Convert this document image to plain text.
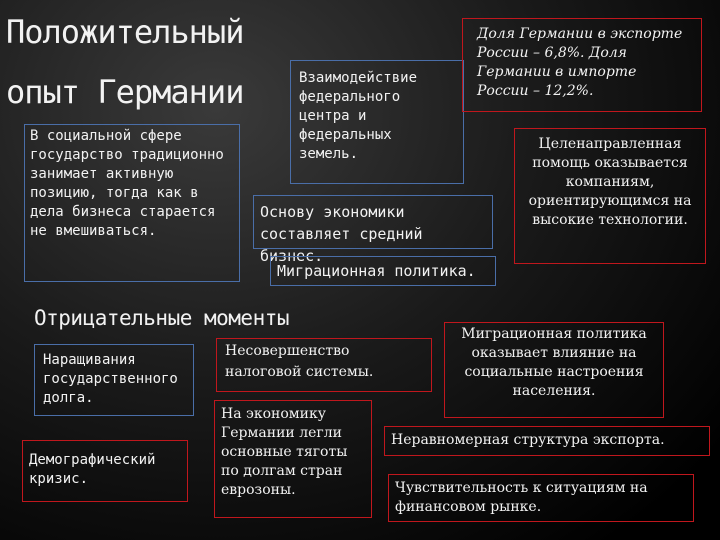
Положительный
опыт Германии
В социальной сфере государство традиционно занимает активную позицию, тогда как в дела бизнеса старается не вмешиваться.
Взаимодействие федерального центра и федеральных земель.
Основу экономики составляет средний бизнес.
Миграционная политика.
Доля Германии в экспорте России – 6,8%. Доля Германии в импорте России – 12,2%.
Целенаправленная помощь оказывается компаниям, ориентирующимся на высокие технологии.
Отрицательные моменты
Наращивания государственного долга.
Демографический кризис.
Несовершенство налоговой системы.
На экономику Германии легли основные тяготы по долгам стран еврозоны.
Миграционная политика оказывает влияние на социальные настроения населения.
Неравномерная структура экспорта.
Чувствительность к ситуациям на финансовом рынке.
